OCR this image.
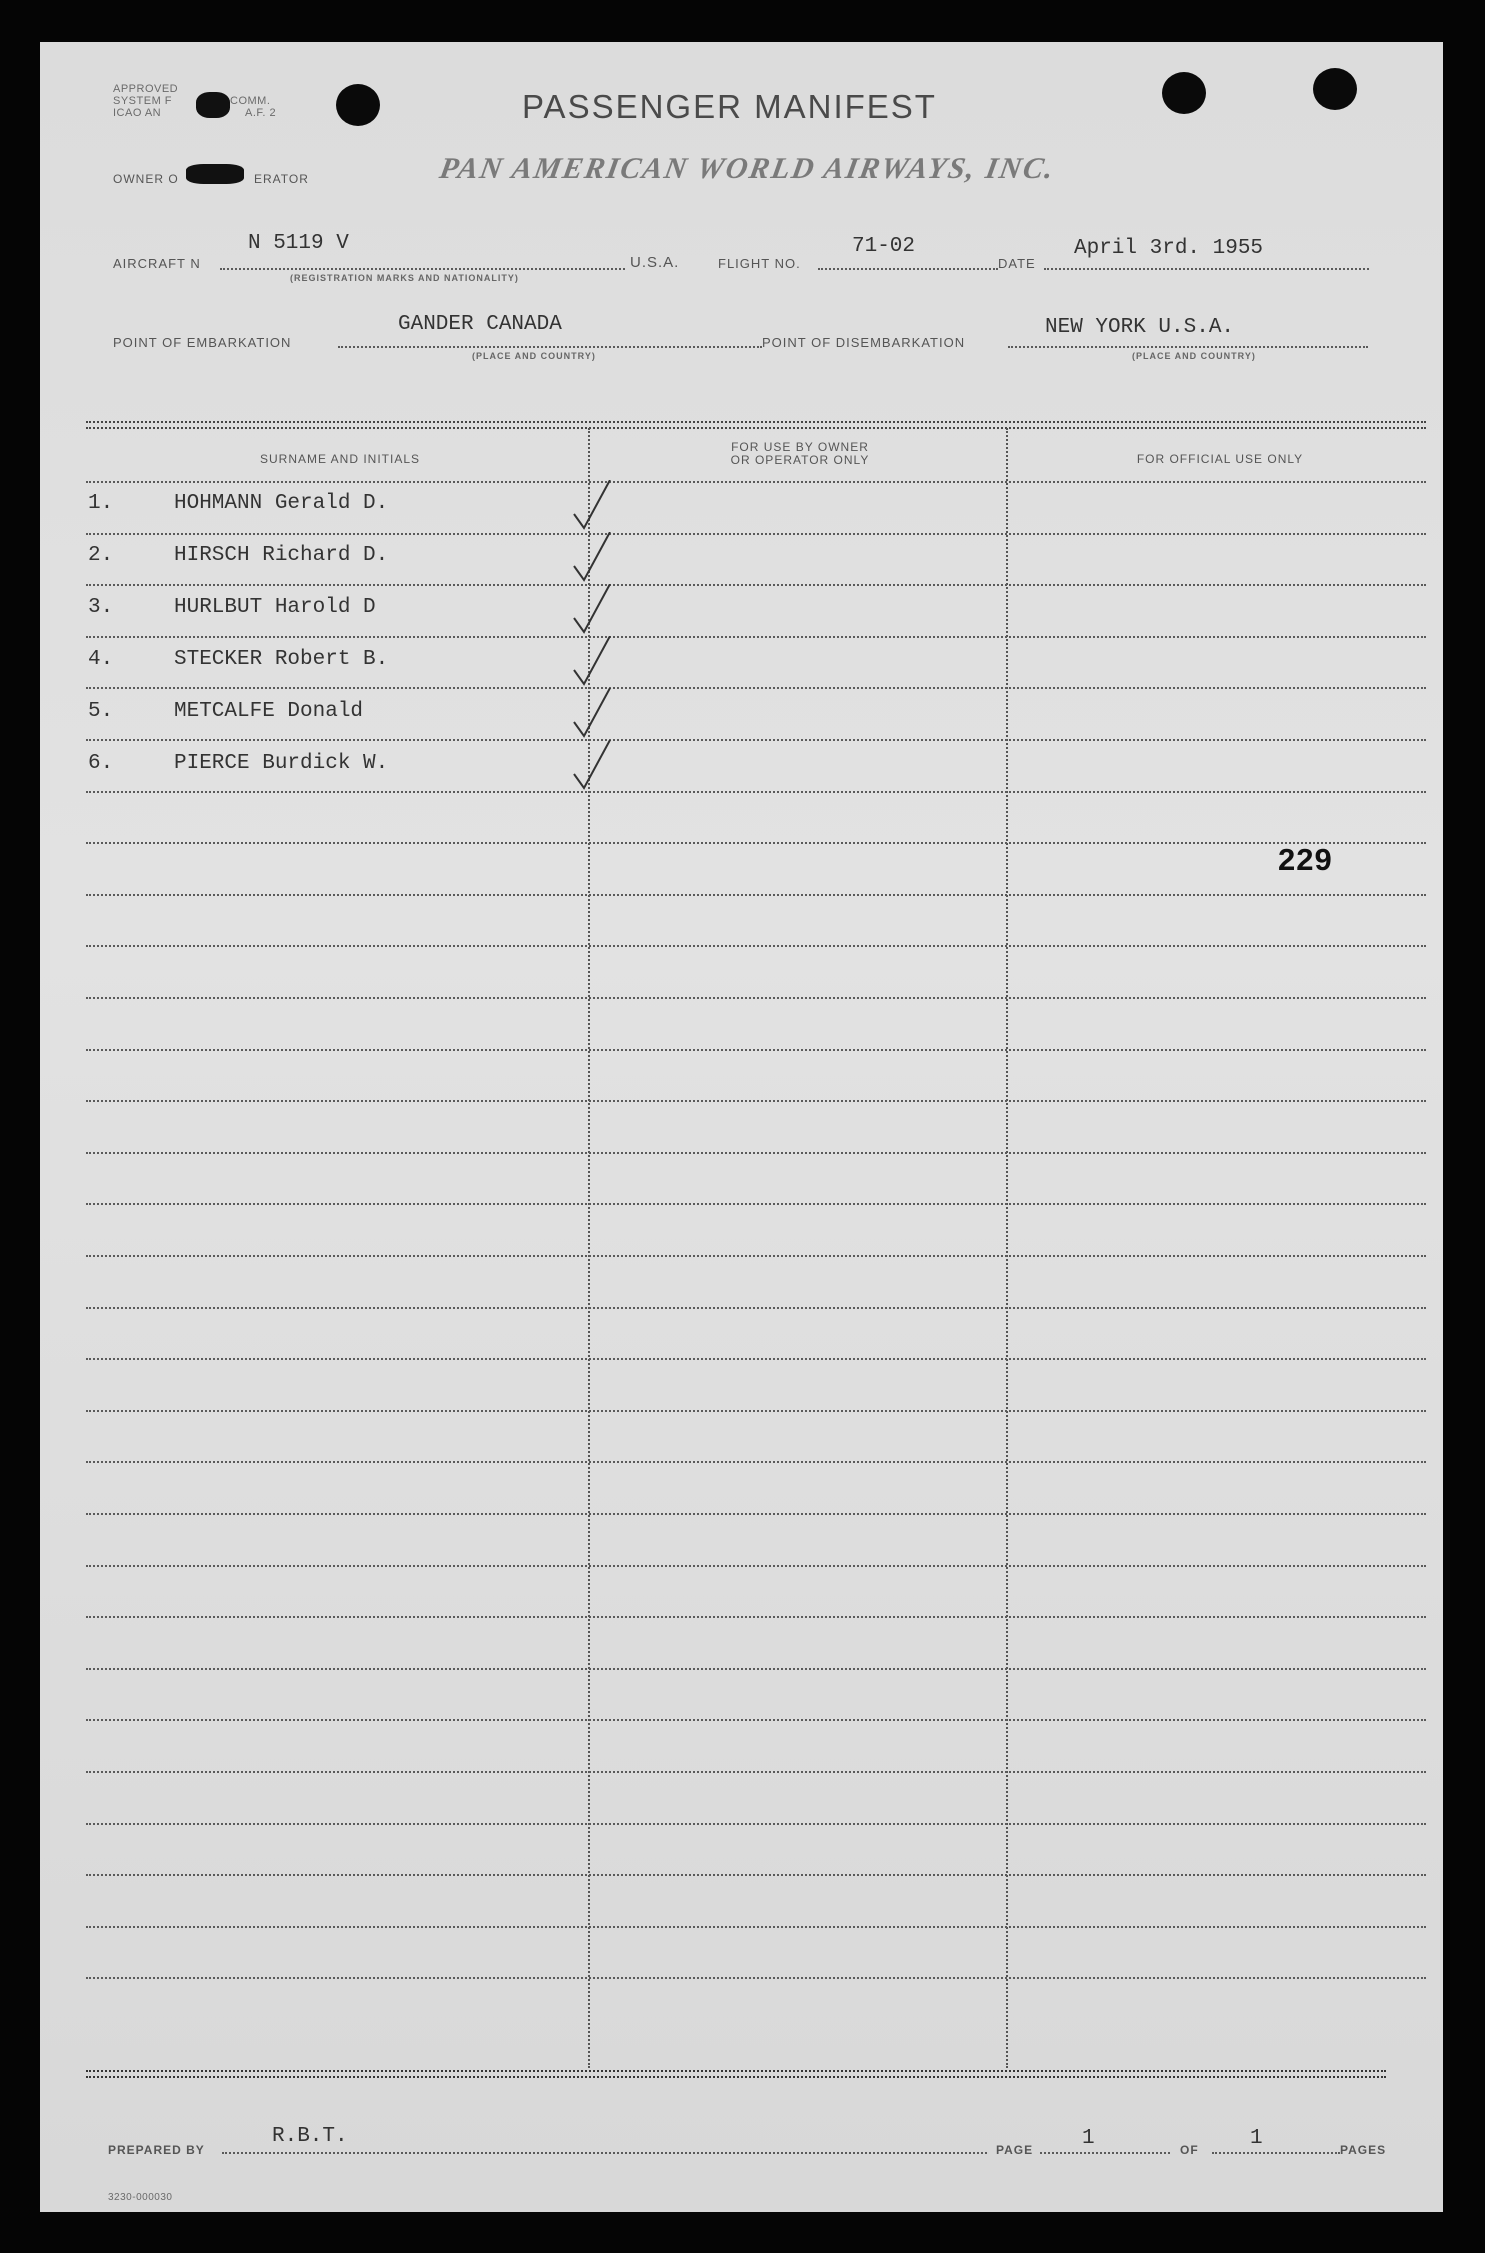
APPROVED
SYSTEM F	COMM.
ICAO AN	A.F. 2	PASSENGER MANIFEST
OWNER O	ERATOR	PAN AMERICAN WORLD AIRWAYS, INC.
AIRCRAFT N
N 5119 V
(REGISTRATION MARKS AND NATIONALITY)
U.S.A.	FLIGHT NO.
71-02
DATE
April 3rd. 1955
POINT OF EMBARKATION
GANDER CANADA
(PLACE AND COUNTRY)
POINT OF DISEMBARKATION
NEW YORK U.S.A.
(PLACE AND COUNTRY)
SURNAME AND INITIALS
FOR USE BY OWNER
OR OPERATOR ONLY	FOR OFFICIAL USE ONLY
1.	HOHMANN Gerald D.
2.	HIRSCH Richard D.
3.	HURLBUT Harold D
4.	STECKER Robert B.
5.	METCALFE Donald
6.	PIERCE Burdick W.
229
PREPARED BY
R.B.T.
PAGE 1	OF 1	PAGES
3230-000030
